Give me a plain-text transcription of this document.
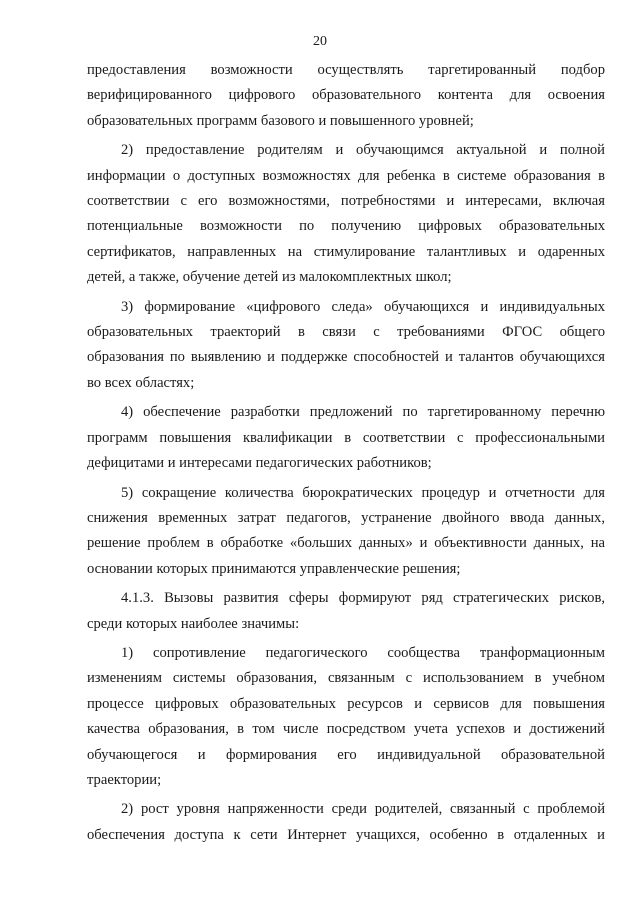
20
предоставления возможности осуществлять таргетированный подбор
верифицированного цифрового образовательного контента для освоения
образовательных программ базового и повышенного уровней;
2) предоставление родителям и обучающимся актуальной и полной
информации о доступных возможностях для ребенка в системе образования в
соответствии с его возможностями, потребностями и интересами, включая
потенциальные возможности по получению цифровых образовательных
сертификатов, направленных на стимулирование талантливых и одаренных
детей, а также, обучение детей из малокомплектных школ;
3) формирование «цифрового следа» обучающихся и индивидуальных
образовательных траекторий в связи с требованиями ФГОС общего
образования по выявлению и поддержке способностей и талантов обучающихся
во всех областях;
4) обеспечение разработки предложений по таргетированному перечню
программ повышения квалификации в соответствии с профессиональными
дефицитами и интересами педагогических работников;
5) сокращение количества бюрократических процедур и отчетности для
снижения временных затрат педагогов, устранение двойного ввода данных,
решение проблем в обработке «больших данных» и объективности данных, на
основании которых принимаются управленческие решения;
4.1.3. Вызовы развития сферы формируют ряд стратегических рисков,
среди которых наиболее значимы:
1) сопротивление педагогического сообщества транформационным
изменениям системы образования, связанным с использованием в учебном
процессе цифровых образовательных ресурсов и сервисов для повышения
качества образования, в том числе посредством учета успехов и достижений
обучающегося и формирования его индивидуальной образовательной
траектории;
2) рост уровня напряженности среди родителей, связанный с проблемой
обеспечения доступа к сети Интернет учащихся, особенно в отдаленных и
